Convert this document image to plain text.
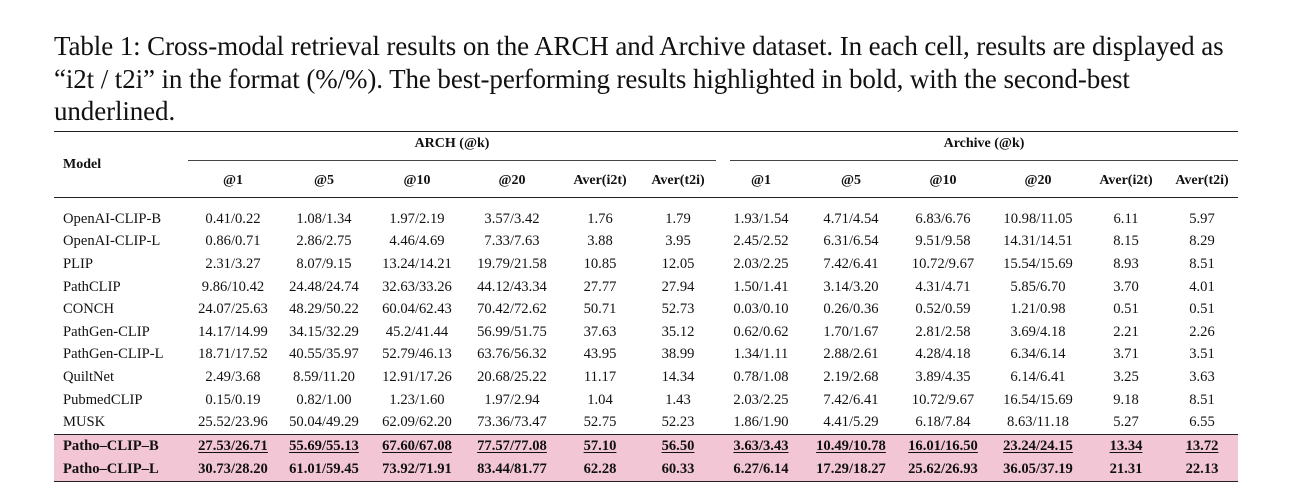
Table 1: Cross-modal retrieval results on the ARCH and Archive dataset. In each cell, results are displayed as “i2t / t2i” in the format (%/%). The best-performing results highlighted in bold, with the second-best underlined.

Model	ARCH (@k)						Archive (@k)					

	@1	@5	@10	@20	Aver(i2t)	Aver(t2i)	@1	@5	@10	@20	Aver(i2t)	Aver(t2i)

OpenAI-CLIP-B	0.41/0.22	1.08/1.34	1.97/2.19	3.57/3.42	1.76	1.79	1.93/1.54	4.71/4.54	6.83/6.76	10.98/11.05	6.11	5.97
OpenAI-CLIP-L	0.86/0.71	2.86/2.75	4.46/4.69	7.33/7.63	3.88	3.95	2.45/2.52	6.31/6.54	9.51/9.58	14.31/14.51	8.15	8.29
PLIP	2.31/3.27	8.07/9.15	13.24/14.21	19.79/21.58	10.85	12.05	2.03/2.25	7.42/6.41	10.72/9.67	15.54/15.69	8.93	8.51
PathCLIP	9.86/10.42	24.48/24.74	32.63/33.26	44.12/43.34	27.77	27.94	1.50/1.41	3.14/3.20	4.31/4.71	5.85/6.70	3.70	4.01
CONCH	24.07/25.63	48.29/50.22	60.04/62.43	70.42/72.62	50.71	52.73	0.03/0.10	0.26/0.36	0.52/0.59	1.21/0.98	0.51	0.51
PathGen-CLIP	14.17/14.99	34.15/32.29	45.2/41.44	56.99/51.75	37.63	35.12	0.62/0.62	1.70/1.67	2.81/2.58	3.69/4.18	2.21	2.26
PathGen-CLIP-L	18.71/17.52	40.55/35.97	52.79/46.13	63.76/56.32	43.95	38.99	1.34/1.11	2.88/2.61	4.28/4.18	6.34/6.14	3.71	3.51
QuiltNet	2.49/3.68	8.59/11.20	12.91/17.26	20.68/25.22	11.17	14.34	0.78/1.08	2.19/2.68	3.89/4.35	6.14/6.41	3.25	3.63
PubmedCLIP	0.15/0.19	0.82/1.00	1.23/1.60	1.97/2.94	1.04	1.43	2.03/2.25	7.42/6.41	10.72/9.67	16.54/15.69	9.18	8.51
MUSK	25.52/23.96	50.04/49.29	62.09/62.20	73.36/73.47	52.75	52.23	1.86/1.90	4.41/5.29	6.18/7.84	8.63/11.18	5.27	6.55

Patho–CLIP–B	27.53/26.71	55.69/55.13	67.60/67.08	77.57/77.08	57.10	56.50	3.63/3.43	10.49/10.78	16.01/16.50	23.24/24.15	13.34	13.72
Patho–CLIP–L	30.73/28.20	61.01/59.45	73.92/71.91	83.44/81.77	62.28	60.33	6.27/6.14	17.29/18.27	25.62/26.93	36.05/37.19	21.31	22.13
